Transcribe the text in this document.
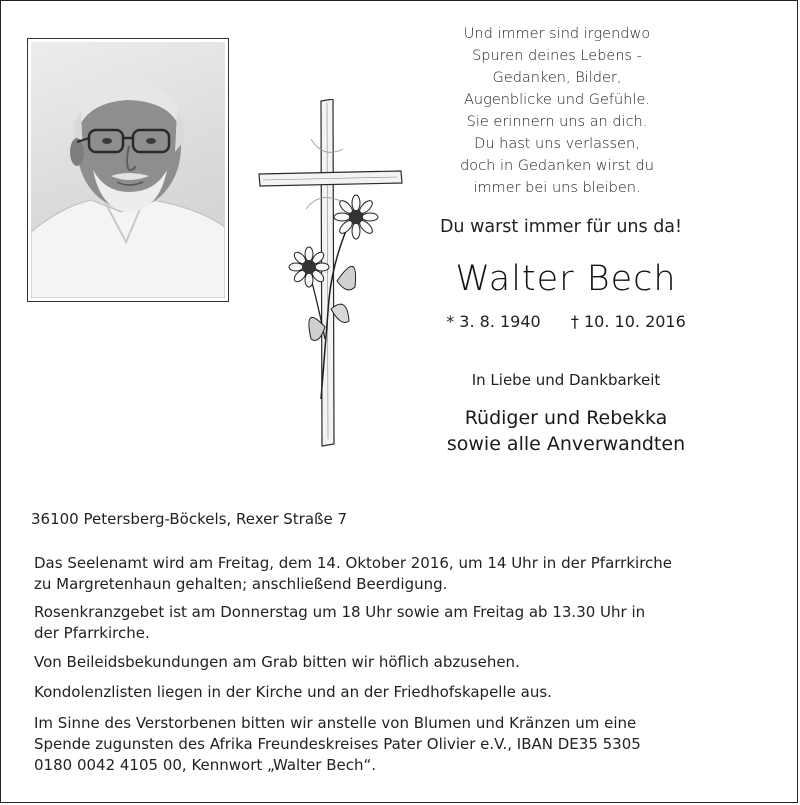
Und immer sind irgendwo
Spuren deines Lebens -
Gedanken, Bilder,
Augenblicke und Gefühle.
Sie erinnern uns an dich.
Du hast uns verlassen,
doch in Gedanken wirst du
immer bei uns bleiben.
Du warst immer für uns da!
Walter Bech
* 3. 8. 1940 † 10. 10. 2016
In Liebe und Dankbarkeit
Rüdiger und Rebekka
sowie alle Anverwandten
36100 Petersberg-Böckels, Rexer Straße 7
Das Seelenamt wird am Freitag, dem 14. Oktober 2016, um 14 Uhr in der Pfarrkirche
zu Margretenhaun gehalten; anschließend Beerdigung.
Rosenkranzgebet ist am Donnerstag um 18 Uhr sowie am Freitag ab 13.30 Uhr in
der Pfarrkirche.
Von Beileidsbekundungen am Grab bitten wir höflich abzusehen.
Kondolenzlisten liegen in der Kirche und an der Friedhofskapelle aus.
Im Sinne des Verstorbenen bitten wir anstelle von Blumen und Kränzen um eine
Spende zugunsten des Afrika Freundeskreises Pater Olivier e.V., IBAN DE35 5305
0180 0042 4105 00, Kennwort „Walter Bech“.
